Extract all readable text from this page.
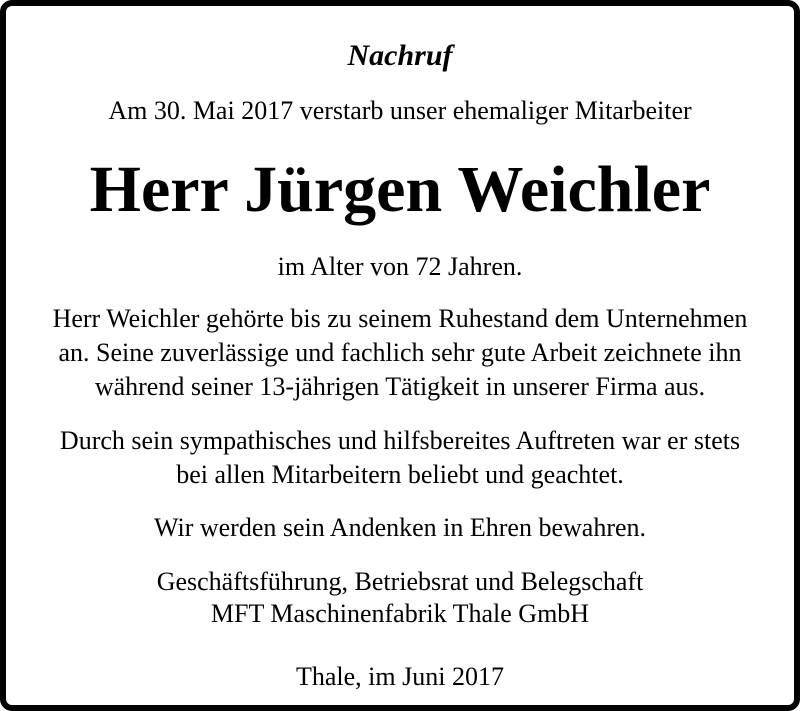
Nachruf

Am 30. Mai 2017 verstarb unser ehemaliger Mitarbeiter

Herr Jürgen Weichler

im Alter von 72 Jahren.

Herr Weichler gehörte bis zu seinem Ruhestand dem Unternehmen
an. Seine zuverlässige und fachlich sehr gute Arbeit zeichnete ihn
während seiner 13-jährigen Tätigkeit in unserer Firma aus.
Durch sein sympathisches und hilfsbereites Auftreten war er stets
bei allen Mitarbeitern beliebt und geachtet.

Wir werden sein Andenken in Ehren bewahren.

Geschäftsführung, Betriebsrat und Belegschaft
MFT Maschinenfabrik Thale GmbH

Thale, im Juni 2017
